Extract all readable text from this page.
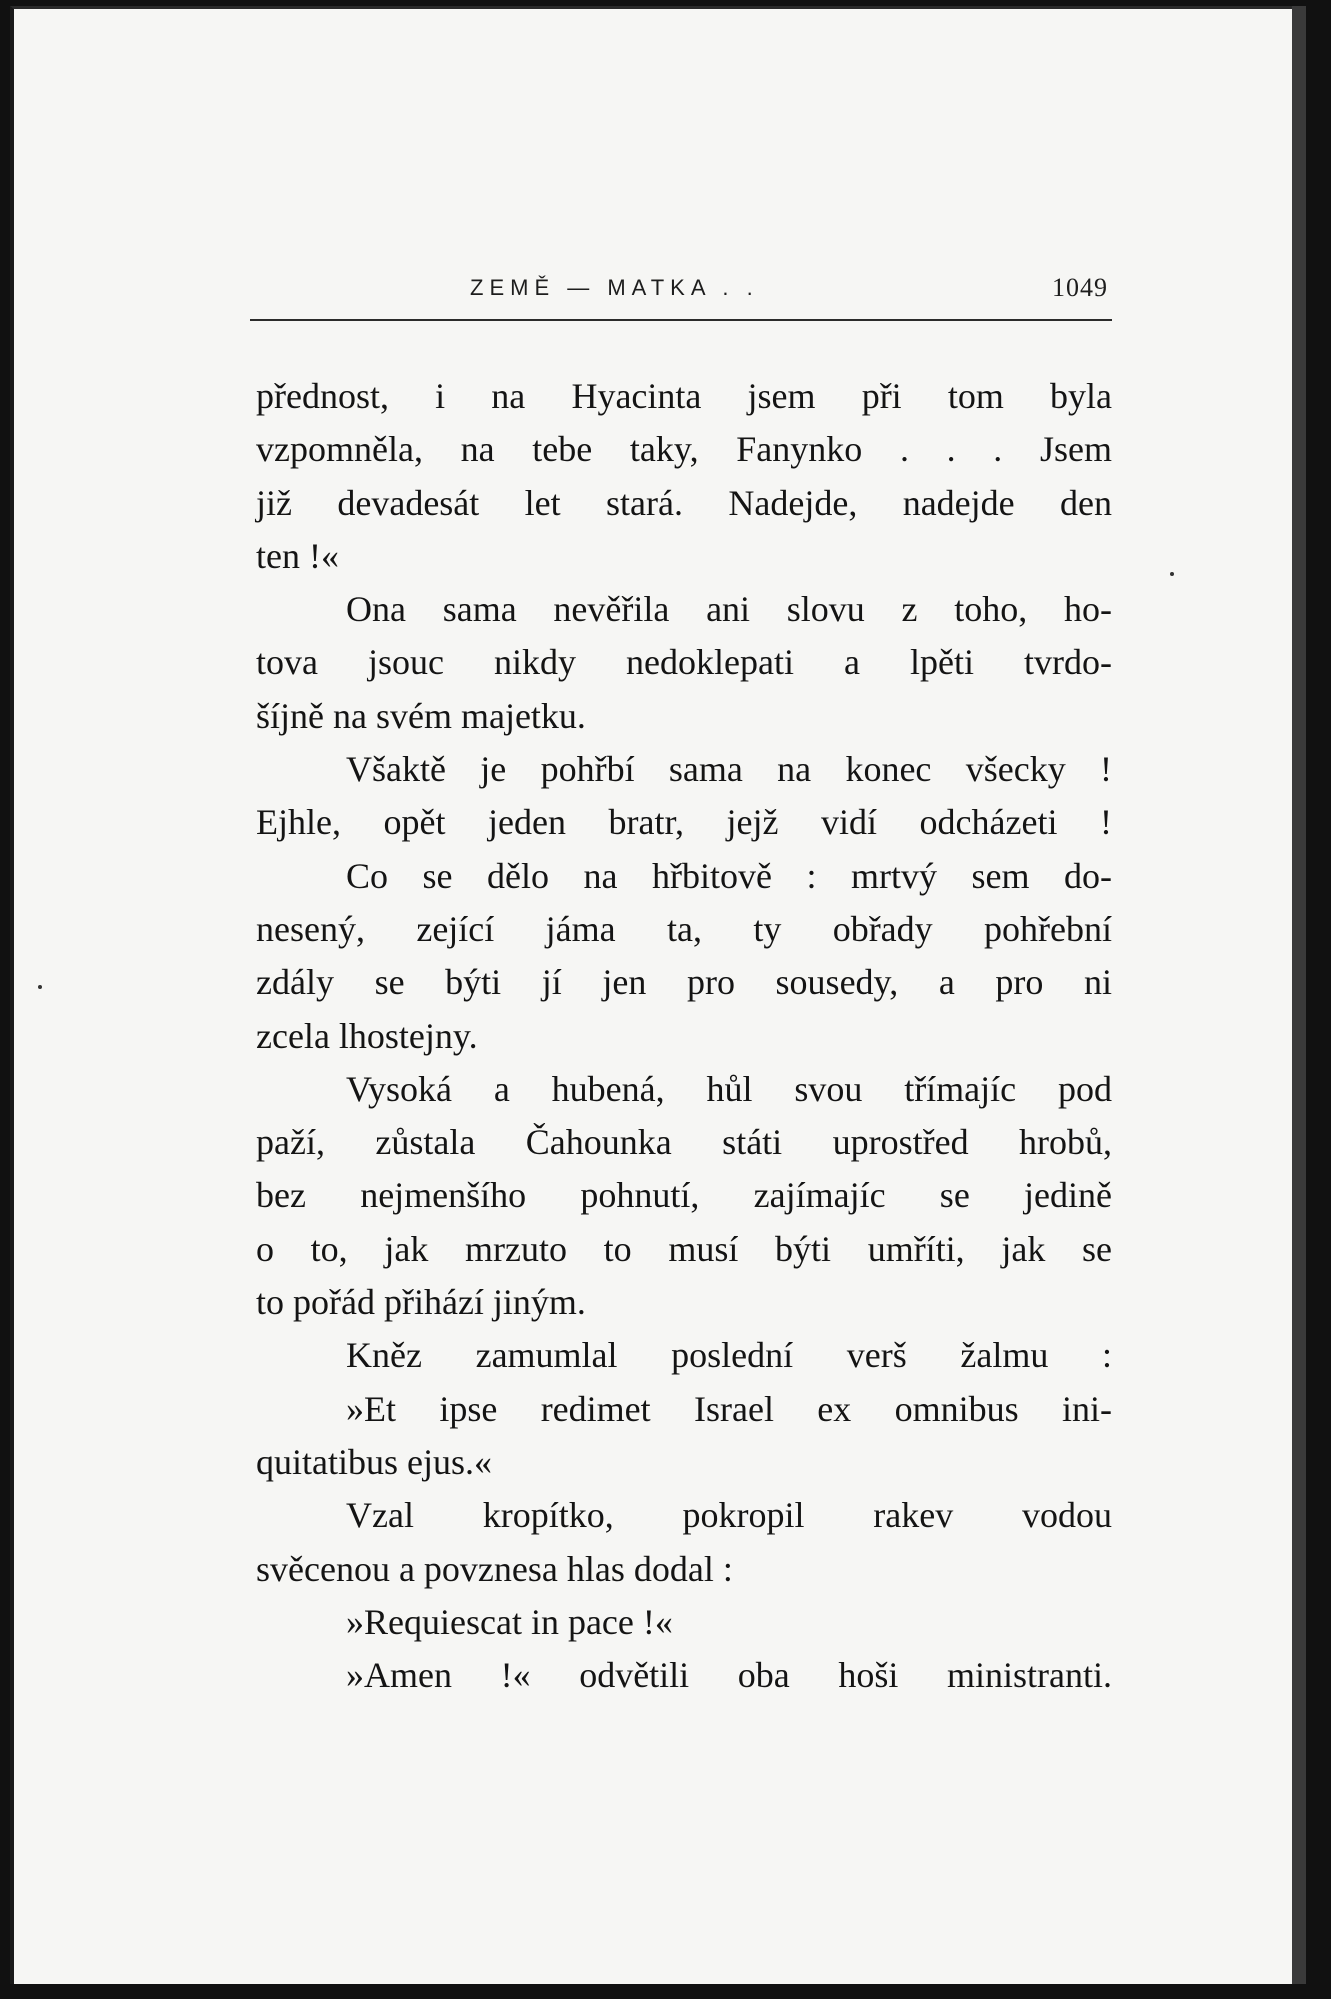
ZEMĚ — MATKA . .	1049
přednost, i na Hyacinta jsem při tom byla
vzpomněla, na tebe taky, Fanynko . . . Jsem
již devadesát let stará. Nadejde, nadejde den
ten !«
Ona sama nevěřila ani slovu z toho, ho-
tova jsouc nikdy nedoklepati a lpěti tvrdo-
šíjně na svém majetku.
Všaktě je pohřbí sama na konec všecky !
Ejhle, opět jeden bratr, jejž vidí odcházeti !
Co se dělo na hřbitově : mrtvý sem do-
nesený, zející jáma ta, ty obřady pohřební
zdály se býti jí jen pro sousedy, a pro ni
zcela lhostejny.
Vysoká a hubená, hůl svou třímajíc pod
paží, zůstala Čahounka státi uprostřed hrobů,
bez nejmenšího pohnutí, zajímajíc se jedině
o to, jak mrzuto to musí býti umříti, jak se
to pořád přihází jiným.
Kněz zamumlal poslední verš žalmu :
»Et ipse redimet Israel ex omnibus ini-
quitatibus ejus.«
Vzal kropítko, pokropil rakev vodou
svěcenou a povznesa hlas dodal :
»Requiescat in pace !«
»Amen !« odvětili oba hoši ministranti.
